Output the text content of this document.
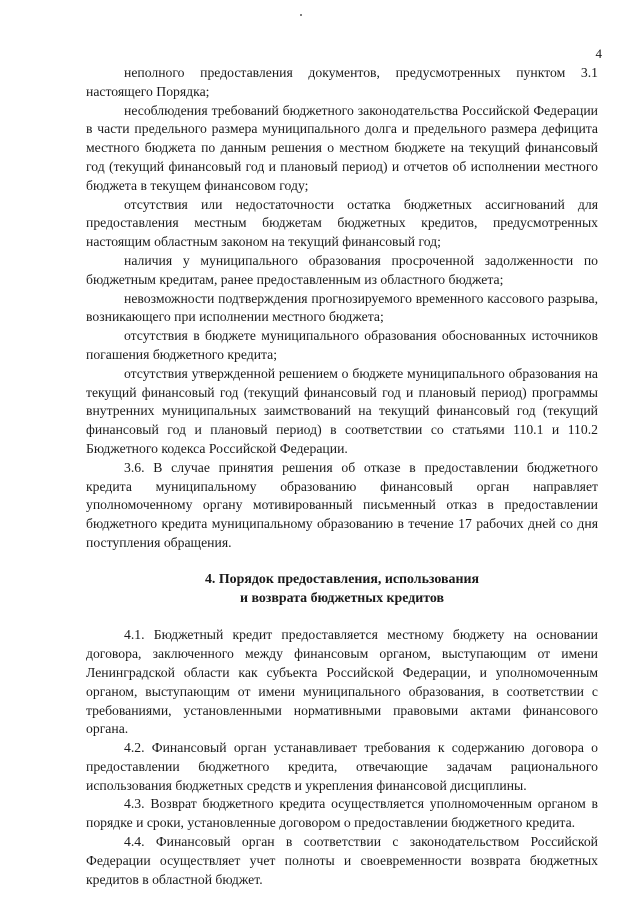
4

неполного предоставления документов, предусмотренных пунктом 3.1 настоящего Порядка;

несоблюдения требований бюджетного законодательства Российской Федерации в части предельного размера муниципального долга и предельного размера дефицита местного бюджета по данным решения о местном бюджете на текущий финансовый год (текущий финансовый год и плановый период) и отчетов об исполнении местного бюджета в текущем финансовом году;

отсутствия или недостаточности остатка бюджетных ассигнований для предоставления местным бюджетам бюджетных кредитов, предусмотренных настоящим областным законом на текущий финансовый год;

наличия у муниципального образования просроченной задолженности по бюджетным кредитам, ранее предоставленным из областного бюджета;

невозможности подтверждения прогнозируемого временного кассового разрыва, возникающего при исполнении местного бюджета;

отсутствия в бюджете муниципального образования обоснованных источников погашения бюджетного кредита;

отсутствия утвержденной решением о бюджете муниципального образования на текущий финансовый год (текущий финансовый год и плановый период) программы внутренних муниципальных заимствований на текущий финансовый год (текущий финансовый год и плановый период) в соответствии со статьями 110.1 и 110.2 Бюджетного кодекса Российской Федерации.

3.6. В случае принятия решения об отказе в предоставлении бюджетного кредита муниципальному образованию финансовый орган направляет уполномоченному органу мотивированный письменный отказ в предоставлении бюджетного кредита муниципальному образованию в течение 17 рабочих дней со дня поступления обращения.

4. Порядок предоставления, использования
и возврата бюджетных кредитов

4.1. Бюджетный кредит предоставляется местному бюджету на основании договора, заключенного между финансовым органом, выступающим от имени Ленинградской области как субъекта Российской Федерации, и уполномоченным органом, выступающим от имени муниципального образования, в соответствии с требованиями, установленными нормативными правовыми актами финансового органа.

4.2. Финансовый орган устанавливает требования к содержанию договора о предоставлении бюджетного кредита, отвечающие задачам рационального использования бюджетных средств и укрепления финансовой дисциплины.

4.3. Возврат бюджетного кредита осуществляется уполномоченным органом в порядке и сроки, установленные договором о предоставлении бюджетного кредита.

4.4. Финансовый орган в соответствии с законодательством Российской Федерации осуществляет учет полноты и своевременности возврата бюджетных кредитов в областной бюджет.
